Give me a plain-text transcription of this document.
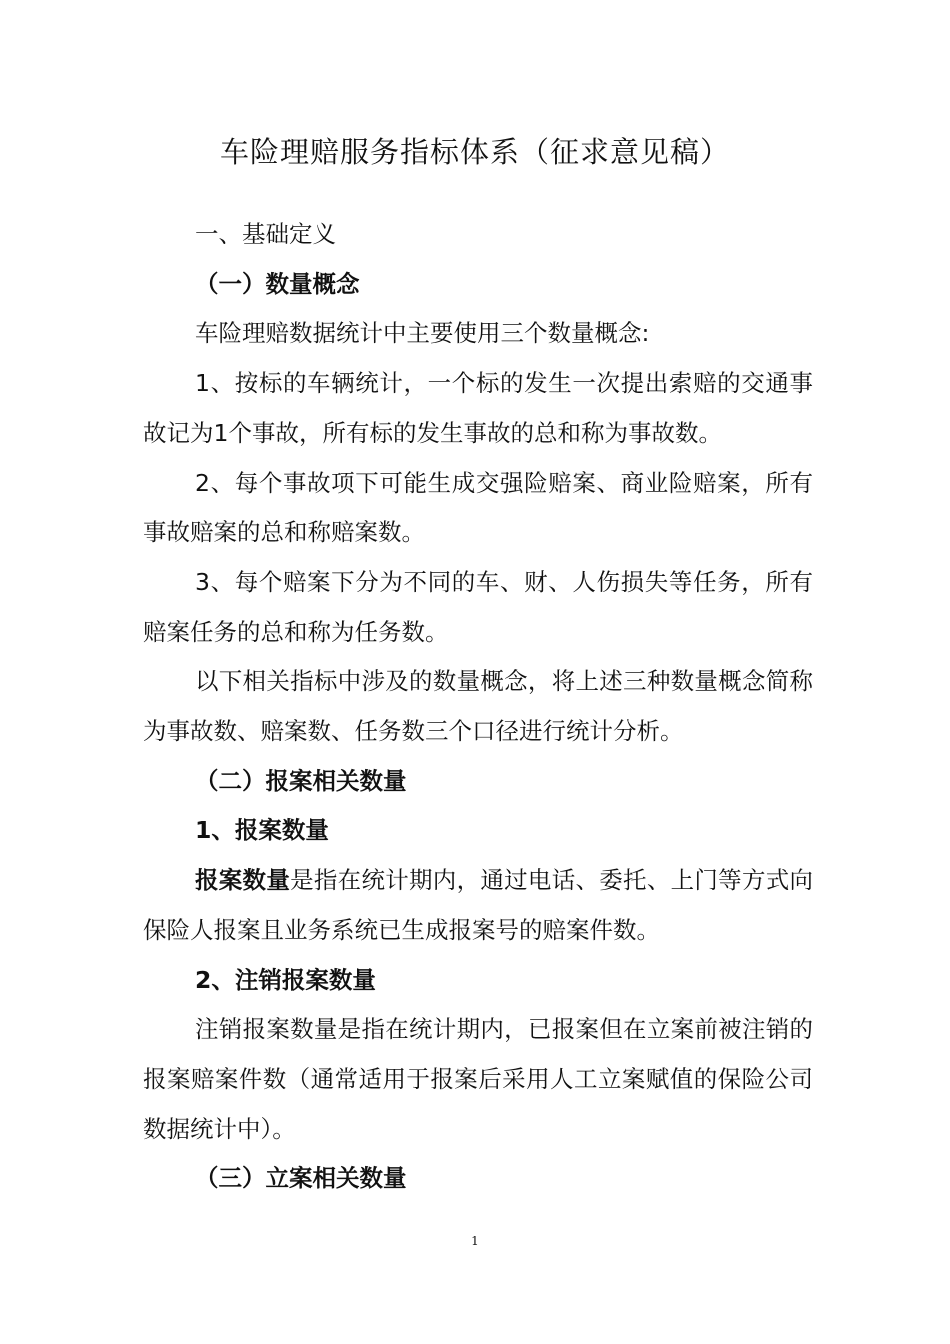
车险理赔服务指标体系（征求意见稿）

一、基础定义

（一）数量概念

车险理赔数据统计中主要使用三个数量概念:

1、按标的车辆统计，一个标的发生一次提出索赔的交通事故记为1个事故，所有标的发生事故的总和称为事故数。

2、每个事故项下可能生成交强险赔案、商业险赔案，所有事故赔案的总和称赔案数。

3、每个赔案下分为不同的车、财、人伤损失等任务，所有赔案任务的总和称为任务数。

以下相关指标中涉及的数量概念，将上述三种数量概念简称为事故数、赔案数、任务数三个口径进行统计分析。

（二）报案相关数量

1、报案数量

报案数量是指在统计期内，通过电话、委托、上门等方式向保险人报案且业务系统已生成报案号的赔案件数。

2、注销报案数量

注销报案数量是指在统计期内，已报案但在立案前被注销的报案赔案件数（通常适用于报案后采用人工立案赋值的保险公司数据统计中）。

（三）立案相关数量

1
